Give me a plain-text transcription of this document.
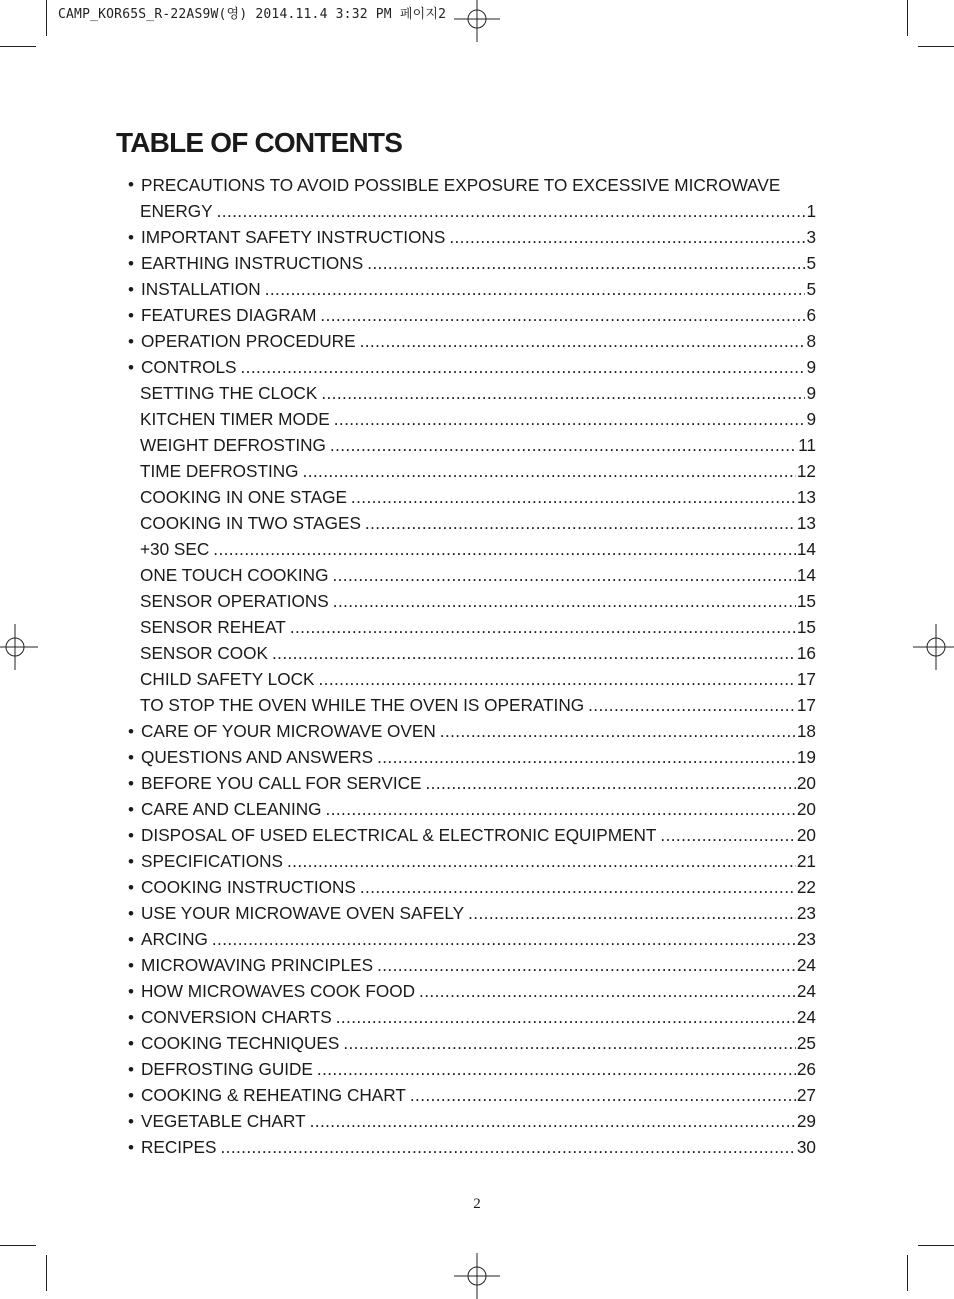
CAMP_KOR65S_R-22AS9W(영) 2014.11.4 3:32 PM 페이지2
TABLE OF CONTENTS
• PRECAUTIONS TO AVOID POSSIBLE EXPOSURE TO EXCESSIVE MICROWAVE
ENERGY .....	1
• IMPORTANT SAFETY INSTRUCTIONS .....	3
• EARTHING INSTRUCTIONS .....	5
• INSTALLATION .....	5
• FEATURES DIAGRAM .....	6
• OPERATION PROCEDURE .....	8
• CONTROLS .....	9
SETTING THE CLOCK .....	9
KITCHEN TIMER MODE .....	9
WEIGHT DEFROSTING .....	11
TIME DEFROSTING .....	12
COOKING IN ONE STAGE .....	13
COOKING IN TWO STAGES .....	13
+30 SEC .....	14
ONE TOUCH COOKING .....	14
SENSOR OPERATIONS .....	15
SENSOR REHEAT .....	15
SENSOR COOK .....	16
CHILD SAFETY LOCK .....	17
TO STOP THE OVEN WHILE THE OVEN IS OPERATING .....	17
• CARE OF YOUR MICROWAVE OVEN .....	18
• QUESTIONS AND ANSWERS .....	19
• BEFORE YOU CALL FOR SERVICE .....	20
• CARE AND CLEANING .....	20
• DISPOSAL OF USED ELECTRICAL & ELECTRONIC EQUIPMENT .....	20
• SPECIFICATIONS .....	21
• COOKING INSTRUCTIONS .....	22
• USE YOUR MICROWAVE OVEN SAFELY .....	23
• ARCING .....	23
• MICROWAVING PRINCIPLES .....	24
• HOW MICROWAVES COOK FOOD .....	24
• CONVERSION CHARTS .....	24
• COOKING TECHNIQUES .....	25
• DEFROSTING GUIDE .....	26
• COOKING & REHEATING CHART .....	27
• VEGETABLE CHART .....	29
• RECIPES .....	30
2
